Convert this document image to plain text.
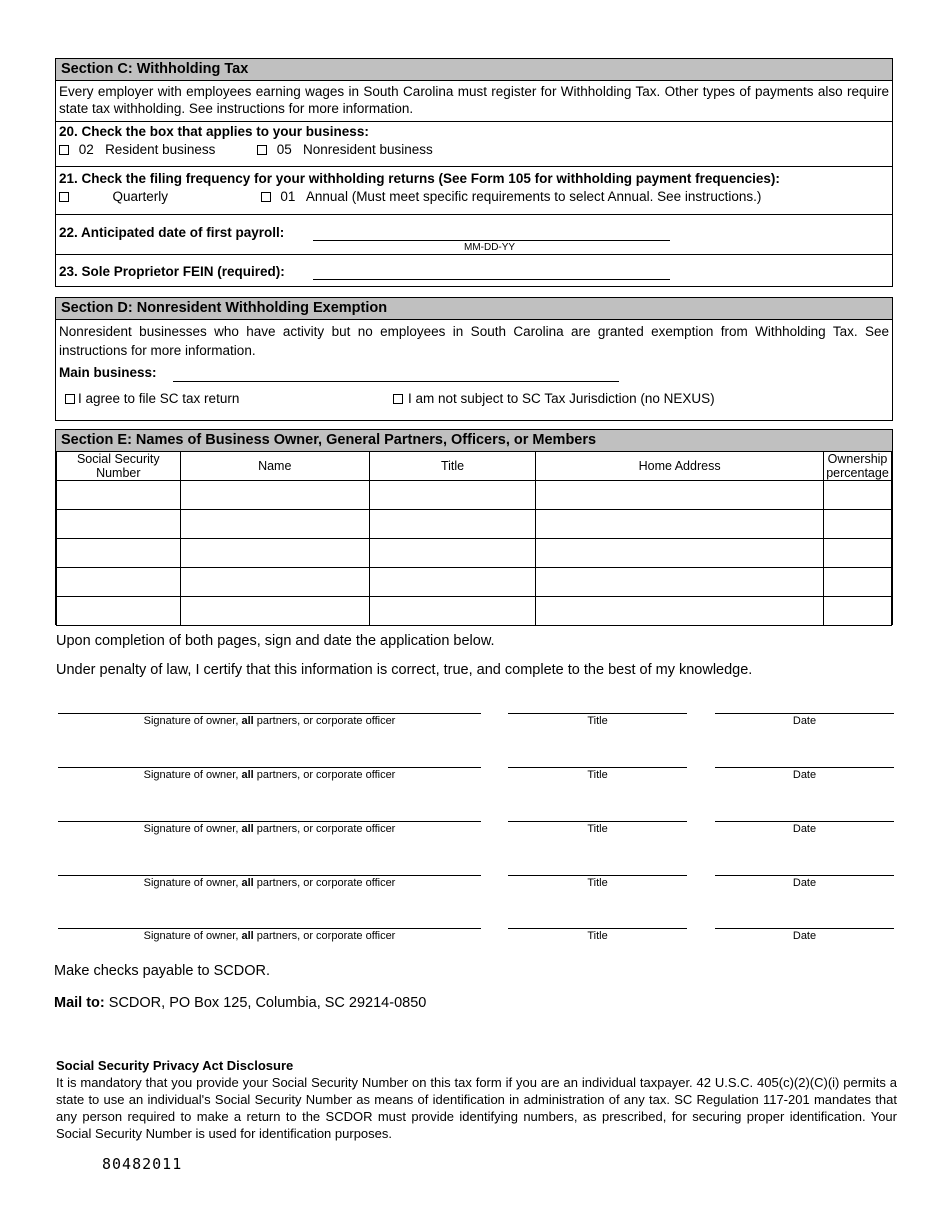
Section C: Withholding Tax
Every employer with employees earning wages in South Carolina must register for Withholding Tax. Other types of payments also require state tax withholding. See instructions for more information.
20. Check the box that applies to your business:
02 Resident business	05 Nonresident business
21. Check the filing frequency for your withholding returns (See Form 105 for withholding payment frequencies):
Quarterly	01 Annual (Must meet specific requirements to select Annual. See instructions.)
22. Anticipated date of first payroll:
MM-DD-YY
23. Sole Proprietor FEIN (required):
Section D: Nonresident Withholding Exemption
Nonresident businesses who have activity but no employees in South Carolina are granted exemption from Withholding Tax. See instructions for more information.
Main business:
I agree to file SC tax return	I am not subject to SC Tax Jurisdiction (no NEXUS)
Section E: Names of Business Owner, General Partners, Officers, or Members
Social Security Number	Name	Title	Home Address	Ownership percentage

Upon completion of both pages, sign and date the application below.
Under penalty of law, I certify that this information is correct, true, and complete to the best of my knowledge.
Signature of owner, all partners, or corporate officer	Title	Date
Signature of owner, all partners, or corporate officer	Title	Date
Signature of owner, all partners, or corporate officer	Title	Date
Signature of owner, all partners, or corporate officer	Title	Date
Signature of owner, all partners, or corporate officer	Title	Date
Make checks payable to SCDOR.
Mail to: SCDOR, PO Box 125, Columbia, SC 29214-0850
Social Security Privacy Act Disclosure
It is mandatory that you provide your Social Security Number on this tax form if you are an individual taxpayer. 42 U.S.C. 405(c)(2)(C)(i) permits a state to use an individual's Social Security Number as means of identification in administration of any tax. SC Regulation 117-201 mandates that any person required to make a return to the SCDOR must provide identifying numbers, as prescribed, for securing proper identification. Your Social Security Number is used for identification purposes.
80482011
